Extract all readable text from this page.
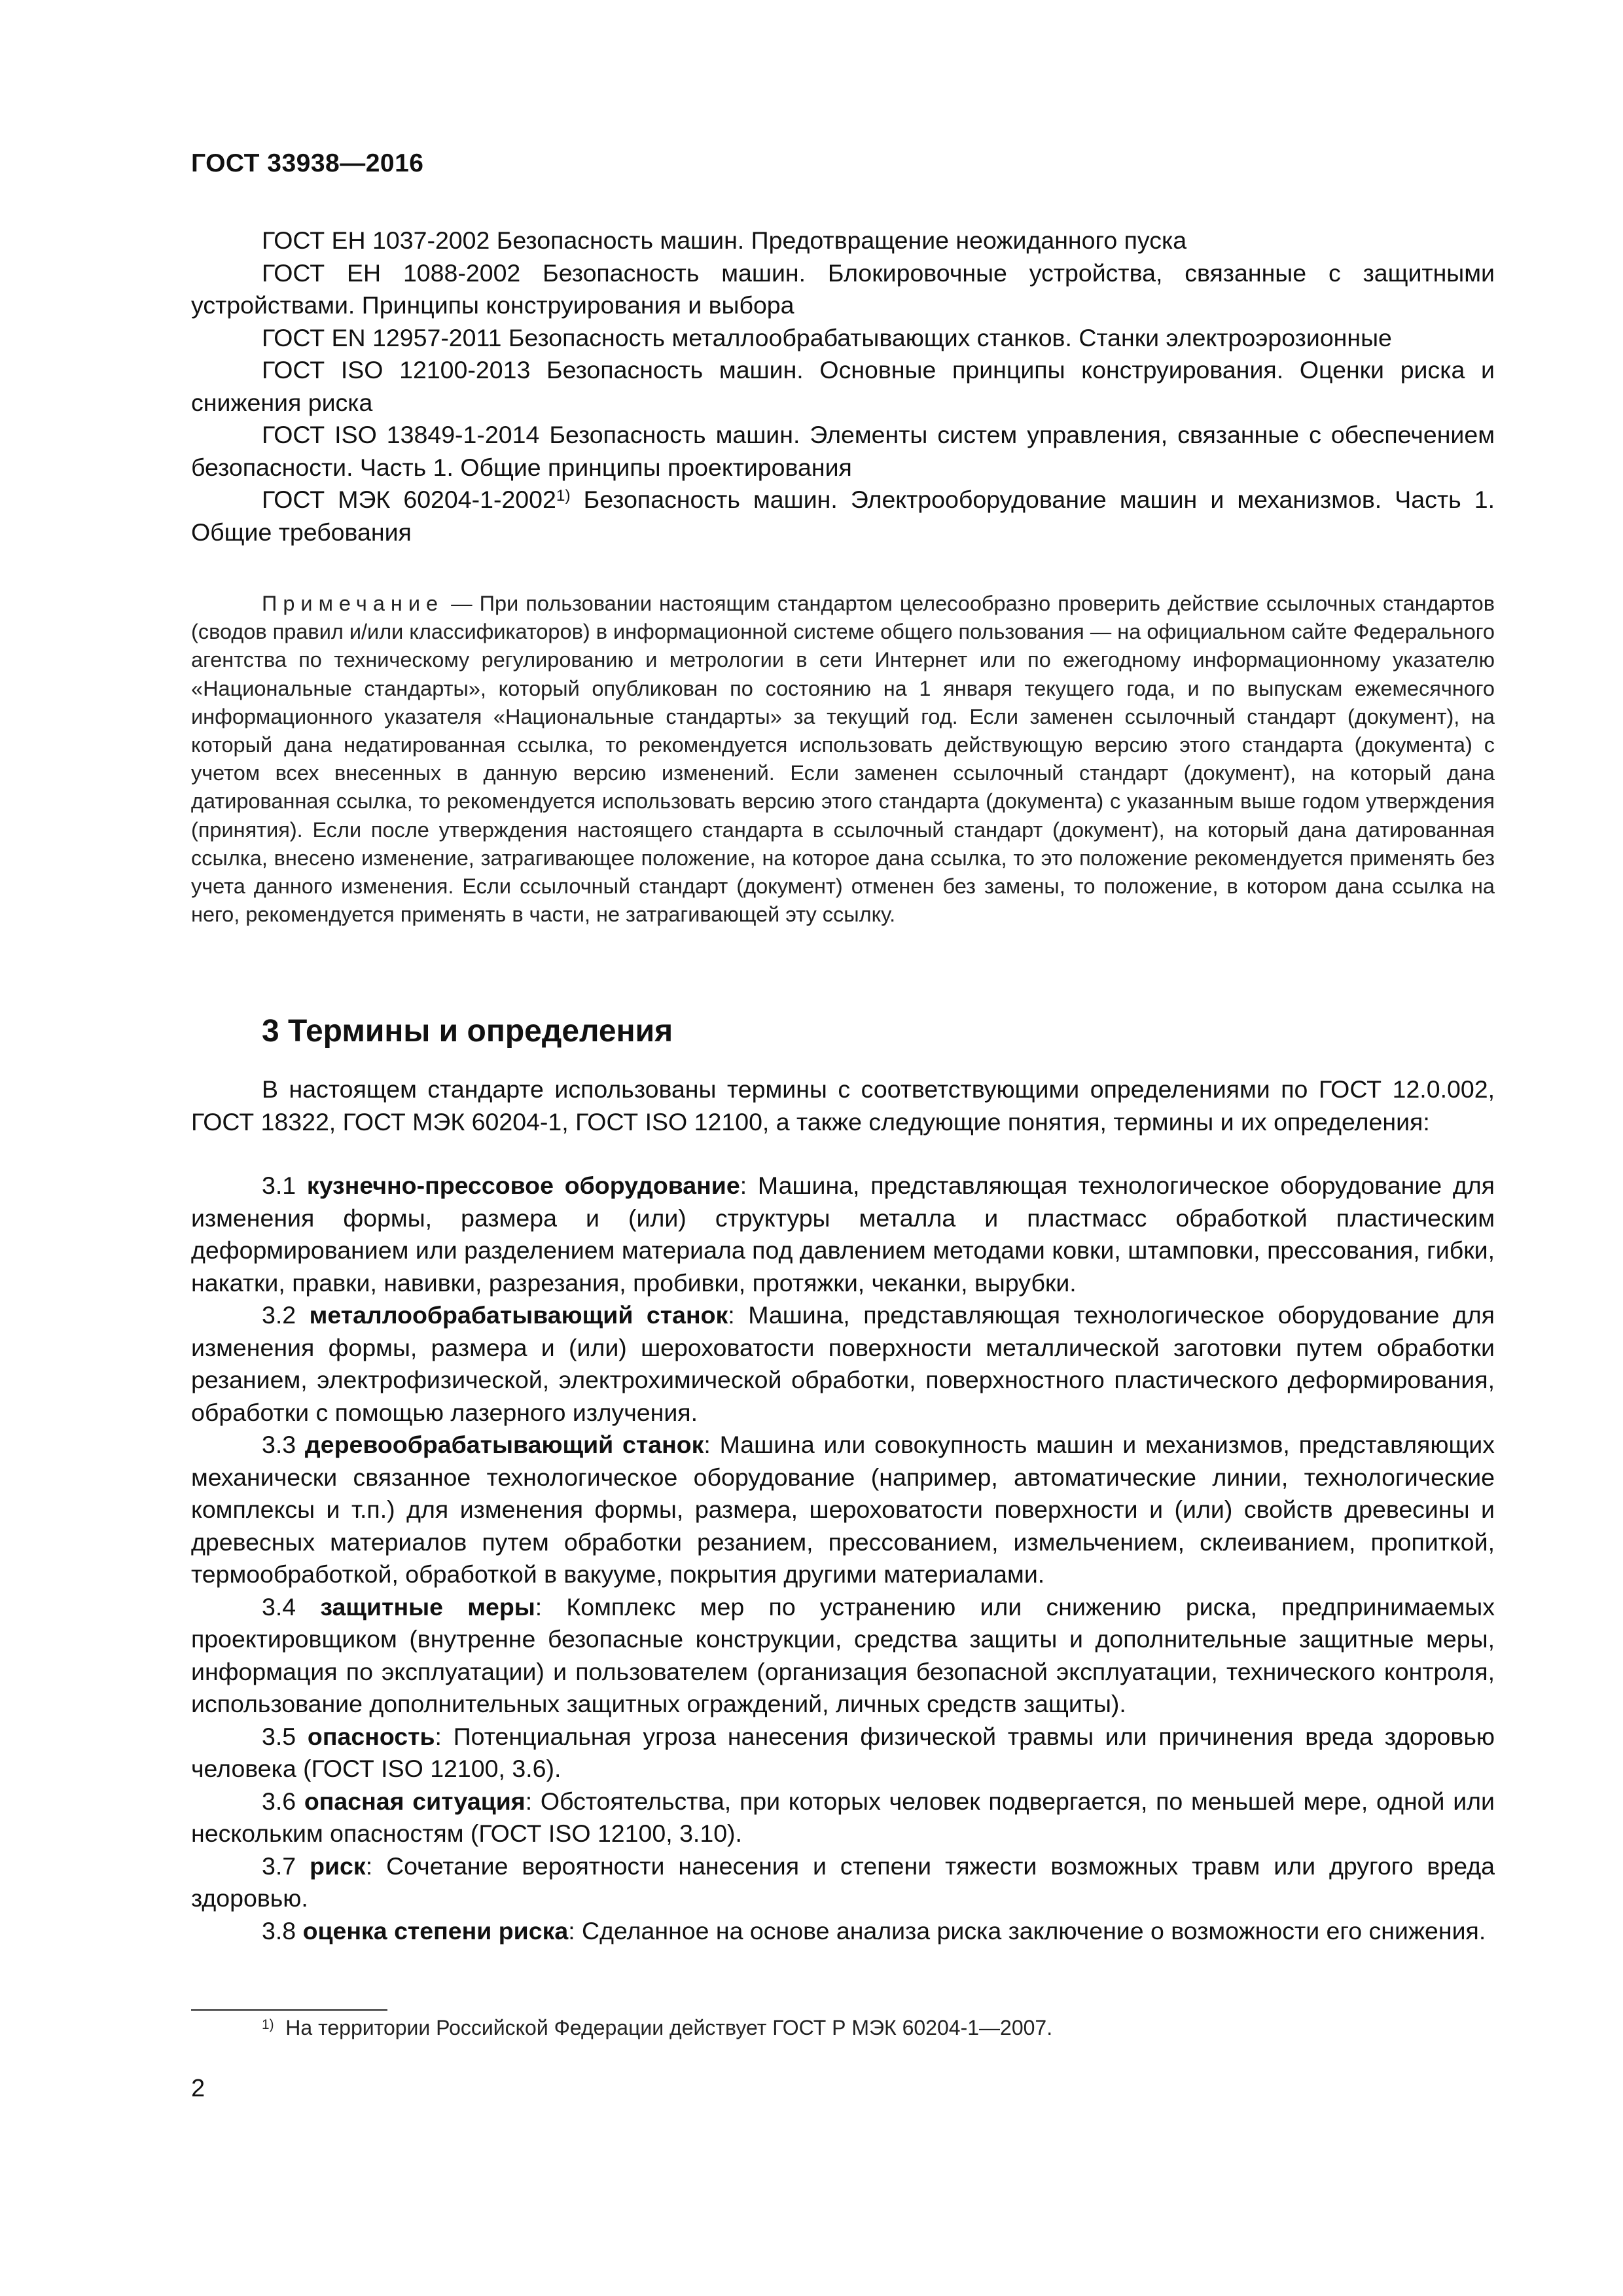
ГОСТ 33938—2016

ГОСТ ЕН 1037-2002 Безопасность машин. Предотвращение неожиданного пуска

ГОСТ ЕН 1088-2002 Безопасность машин. Блокировочные устройства, связанные с защитными устройствами. Принципы конструирования и выбора

ГОСТ EN 12957-2011 Безопасность металлообрабатывающих станков. Станки электроэрозионные

ГОСТ ISO 12100-2013 Безопасность машин. Основные принципы конструирования. Оценки риска и снижения риска

ГОСТ ISO 13849-1-2014 Безопасность машин. Элементы систем управления, связанные с обеспечением безопасности. Часть 1. Общие принципы проектирования

ГОСТ МЭК 60204-1-2002$^{1)}$ Безопасность машин. Электрооборудование машин и механизмов. Часть 1. Общие требования

Примечание — При пользовании настоящим стандартом целесообразно проверить действие ссылочных стандартов (сводов правил и/или классификаторов) в информационной системе общего пользования — на официальном сайте Федерального агентства по техническому регулированию и метрологии в сети Интернет или по ежегодному информационному указателю «Национальные стандарты», который опубликован по состоянию на 1 января текущего года, и по выпускам ежемесячного информационного указателя «Национальные стандарты» за текущий год. Если заменен ссылочный стандарт (документ), на который дана недатированная ссылка, то рекомендуется использовать действующую версию этого стандарта (документа) с учетом всех внесенных в данную версию изменений. Если заменен ссылочный стандарт (документ), на который дана датированная ссылка, то рекомендуется использовать версию этого стандарта (документа) с указанным выше годом утверждения (принятия). Если после утверждения настоящего стандарта в ссылочный стандарт (документ), на который дана датированная ссылка, внесено изменение, затрагивающее положение, на которое дана ссылка, то это положение рекомендуется применять без учета данного изменения. Если ссылочный стандарт (документ) отменен без замены, то положение, в котором дана ссылка на него, рекомендуется применять в части, не затрагивающей эту ссылку.

3 Термины и определения

В настоящем стандарте использованы термины с соответствующими определениями по ГОСТ 12.0.002, ГОСТ 18322, ГОСТ МЭК 60204-1, ГОСТ ISO 12100, а также следующие понятия, термины и их определения:

3.1 кузнечно-прессовое оборудование: Машина, представляющая технологическое оборудование для изменения формы, размера и (или) структуры металла и пластмасс обработкой пластическим деформированием или разделением материала под давлением методами ковки, штамповки, прессования, гибки, накатки, правки, навивки, разрезания, пробивки, протяжки, чеканки, вырубки.

3.2 металлообрабатывающий станок: Машина, представляющая технологическое оборудование для изменения формы, размера и (или) шероховатости поверхности металлической заготовки путем обработки резанием, электрофизической, электрохимической обработки, поверхностного пластического деформирования, обработки с помощью лазерного излучения.

3.3 деревообрабатывающий станок: Машина или совокупность машин и механизмов, представляющих механически связанное технологическое оборудование (например, автоматические линии, технологические комплексы и т.п.) для изменения формы, размера, шероховатости поверхности и (или) свойств древесины и древесных материалов путем обработки резанием, прессованием, измельчением, склеиванием, пропиткой, термообработкой, обработкой в вакууме, покрытия другими материалами.

3.4 защитные меры: Комплекс мер по устранению или снижению риска, предпринимаемых проектировщиком (внутренне безопасные конструкции, средства защиты и дополнительные защитные меры, информация по эксплуатации) и пользователем (организация безопасной эксплуатации, технического контроля, использование дополнительных защитных ограждений, личных средств защиты).

3.5 опасность: Потенциальная угроза нанесения физической травмы или причинения вреда здоровью человека (ГОСТ ISO 12100, 3.6).

3.6 опасная ситуация: Обстоятельства, при которых человек подвергается, по меньшей мере, одной или нескольким опасностям (ГОСТ ISO 12100, 3.10).

3.7 риск: Сочетание вероятности нанесения и степени тяжести возможных травм или другого вреда здоровью.

3.8 оценка степени риска: Сделанное на основе анализа риска заключение о возможности его снижения.

$^{1)}$ На территории Российской Федерации действует ГОСТ Р МЭК 60204-1—2007.
2
